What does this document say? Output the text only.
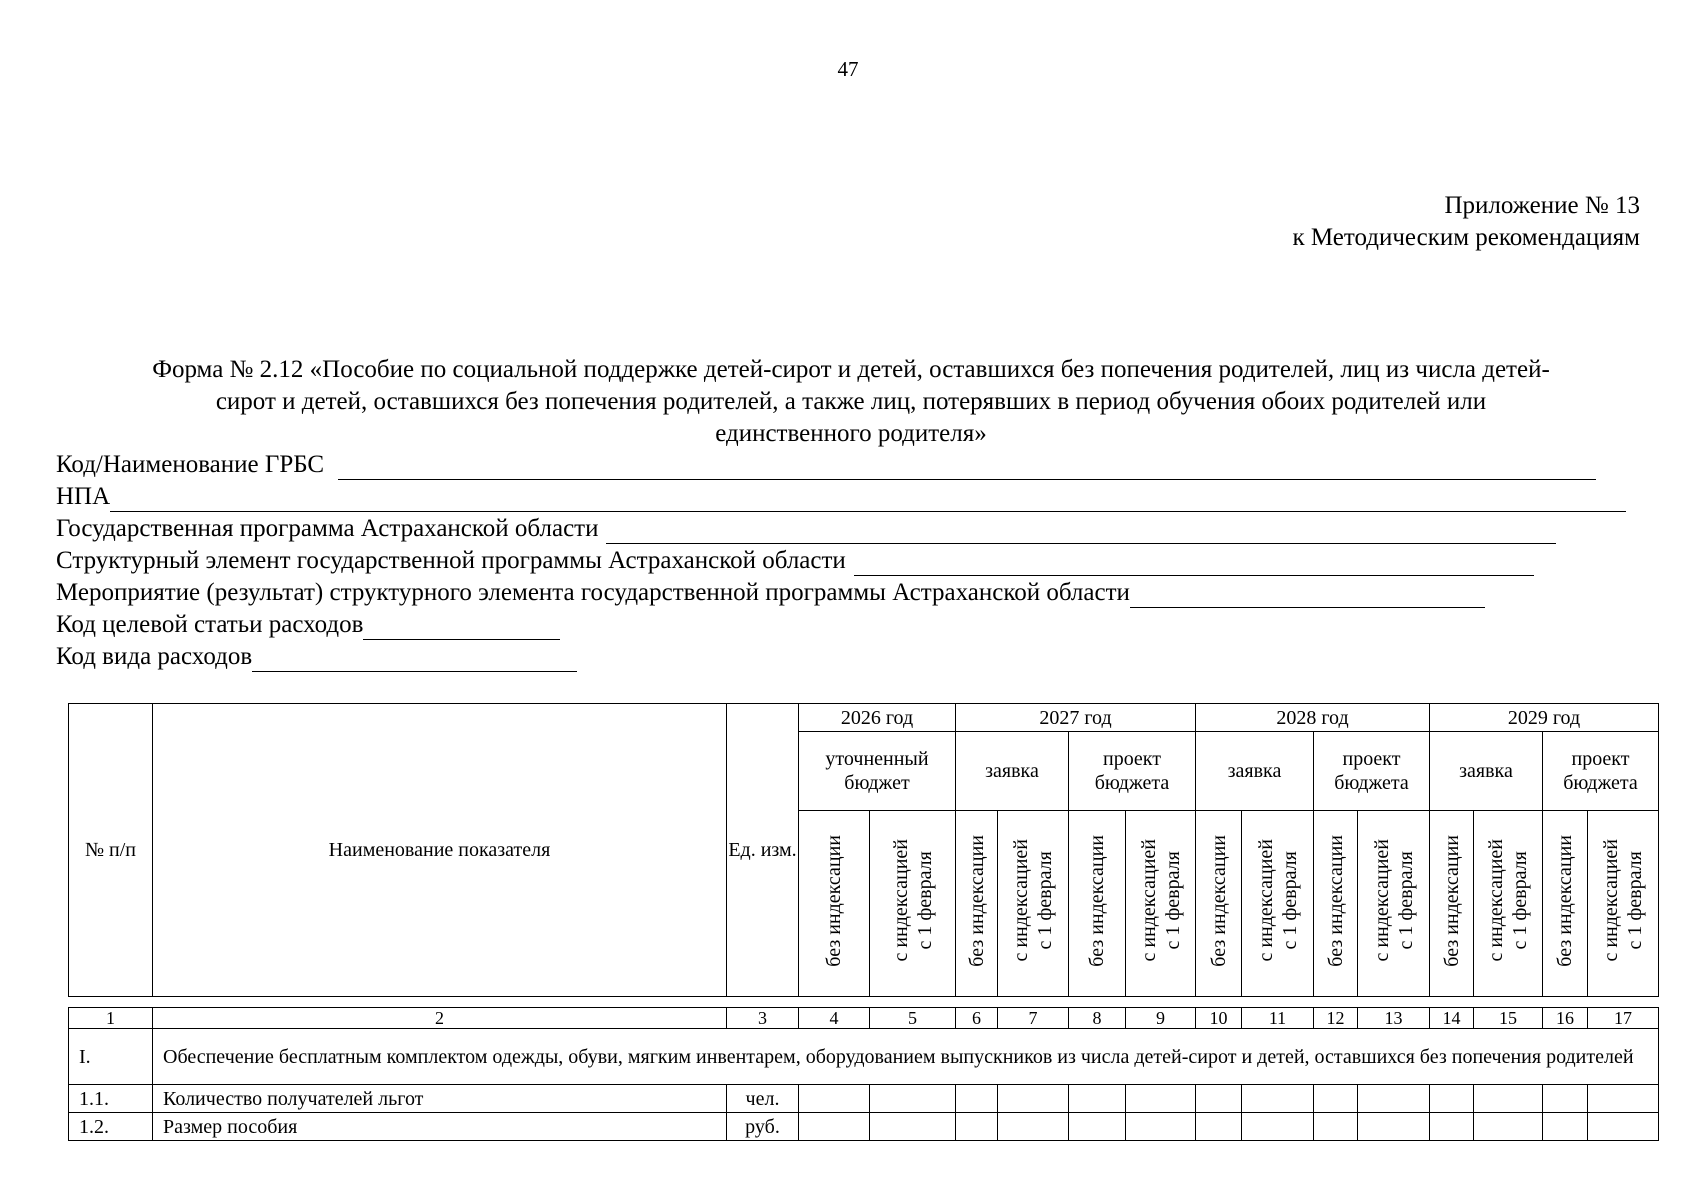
47
Приложение № 13
к Методическим рекомендациям
Форма № 2.12 «Пособие по социальной поддержке детей-сирот и детей, оставшихся без попечения родителей, лиц из числа детей-
сирот и детей, оставшихся без попечения родителей, а также лиц, потерявших в период обучения обоих родителей или
единственного родителя»
Код/Наименование ГРБС
НПА
Государственная программа Астраханской области
Структурный элемент государственной программы Астраханской области
Мероприятие (результат) структурного элемента государственной программы Астраханской области
Код целевой статьи расходов
Код вида расходов
№ п/п	Наименование показателя	Ед. изм.	2026 год		2027 год				2028 год				2029 год			
			уточненный бюджет		заявка		проект бюджета		заявка		проект бюджета		заявка		проект бюджета	
			без индексации	с индексацией с 1 февраля	без индексации	с индексацией с 1 февраля	без индексации	с индексацией с 1 февраля	без индексации	с индексацией с 1 февраля	без индексации	с индексацией с 1 февраля	без индексации	с индексацией с 1 февраля	без индексации	с индексацией с 1 февраля
1	2	3	4	5	6	7	8	9	10	11	12	13	14	15	16	17
I.	Обеспечение бесплатным комплектом одежды, обуви, мягким инвентарем, оборудованием выпускников из числа детей-сирот и детей, оставшихся без попечения родителей															
1.1.	Количество получателей льгот	чел.														
1.2.	Размер пособия	руб.														
